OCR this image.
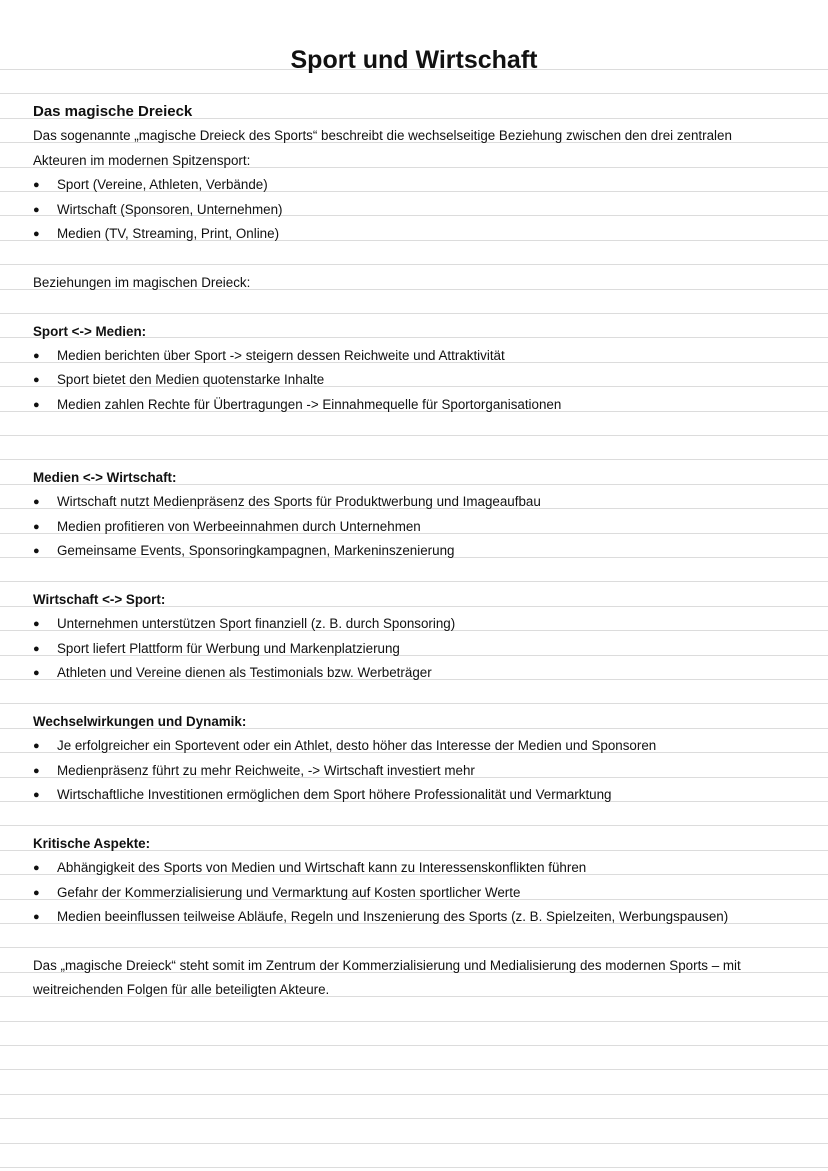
Sport und Wirtschaft
Das magische Dreieck
Das sogenannte „magische Dreieck des Sports“ beschreibt die wechselseitige Beziehung zwischen den drei zentralen
Akteuren im modernen Spitzensport:
●	Sport (Vereine, Athleten, Verbände)
●	Wirtschaft (Sponsoren, Unternehmen)
●	Medien (TV, Streaming, Print, Online)
Beziehungen im magischen Dreieck:
Sport <-> Medien:
●	Medien berichten über Sport -> steigern dessen Reichweite und Attraktivität
●	Sport bietet den Medien quotenstarke Inhalte
●	Medien zahlen Rechte für Übertragungen -> Einnahmequelle für Sportorganisationen
Medien <-> Wirtschaft:
●	Wirtschaft nutzt Medienpräsenz des Sports für Produktwerbung und Imageaufbau
●	Medien profitieren von Werbeeinnahmen durch Unternehmen
●	Gemeinsame Events, Sponsoringkampagnen, Markeninszenierung
Wirtschaft <-> Sport:
●	Unternehmen unterstützen Sport finanziell (z. B. durch Sponsoring)
●	Sport liefert Plattform für Werbung und Markenplatzierung
●	Athleten und Vereine dienen als Testimonials bzw. Werbeträger
Wechselwirkungen und Dynamik:
●	Je erfolgreicher ein Sportevent oder ein Athlet, desto höher das Interesse der Medien und Sponsoren
●	Medienpräsenz führt zu mehr Reichweite, -> Wirtschaft investiert mehr
●	Wirtschaftliche Investitionen ermöglichen dem Sport höhere Professionalität und Vermarktung
Kritische Aspekte:
●	Abhängigkeit des Sports von Medien und Wirtschaft kann zu Interessenskonflikten führen
●	Gefahr der Kommerzialisierung und Vermarktung auf Kosten sportlicher Werte
●	Medien beeinflussen teilweise Abläufe, Regeln und Inszenierung des Sports (z. B. Spielzeiten, Werbungspausen)
Das „magische Dreieck“ steht somit im Zentrum der Kommerzialisierung und Medialisierung des modernen Sports – mit
weitreichenden Folgen für alle beteiligten Akteure.
